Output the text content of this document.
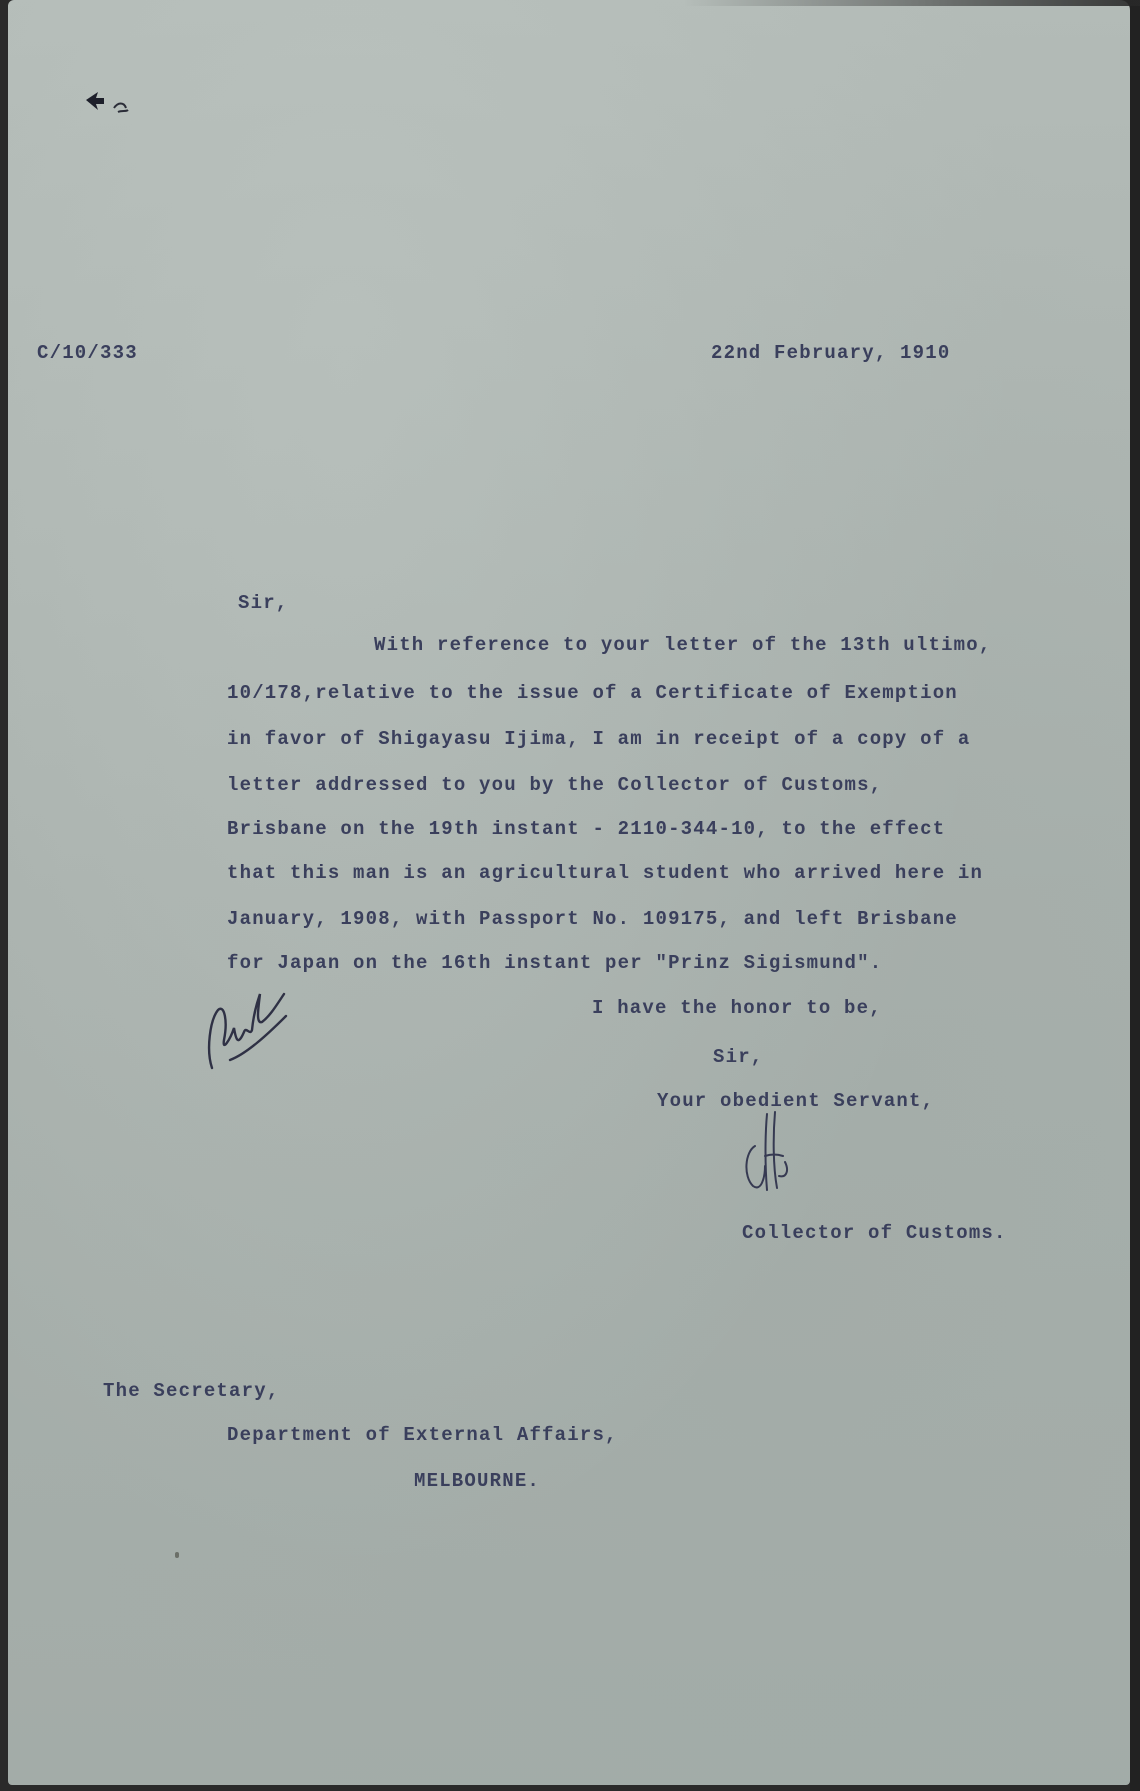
C/10/333	22nd February, 1910
Sir,
With reference to your letter of the 13th ultimo,
10/178,relative to the issue of a Certificate of Exemption
in favor of Shigayasu Ijima, I am in receipt of a copy of a
letter addressed to you by the Collector of Customs,
Brisbane on the 19th instant - 2110-344-10, to the effect
that this man is an agricultural student who arrived here in
January, 1908, with Passport No. 109175, and left Brisbane
for Japan on the 16th instant per "Prinz Sigismund".
I have the honor to be,
Sir,
Your obedient Servant,
Collector of Customs.
The Secretary,
Department of External Affairs,
MELBOURNE.
